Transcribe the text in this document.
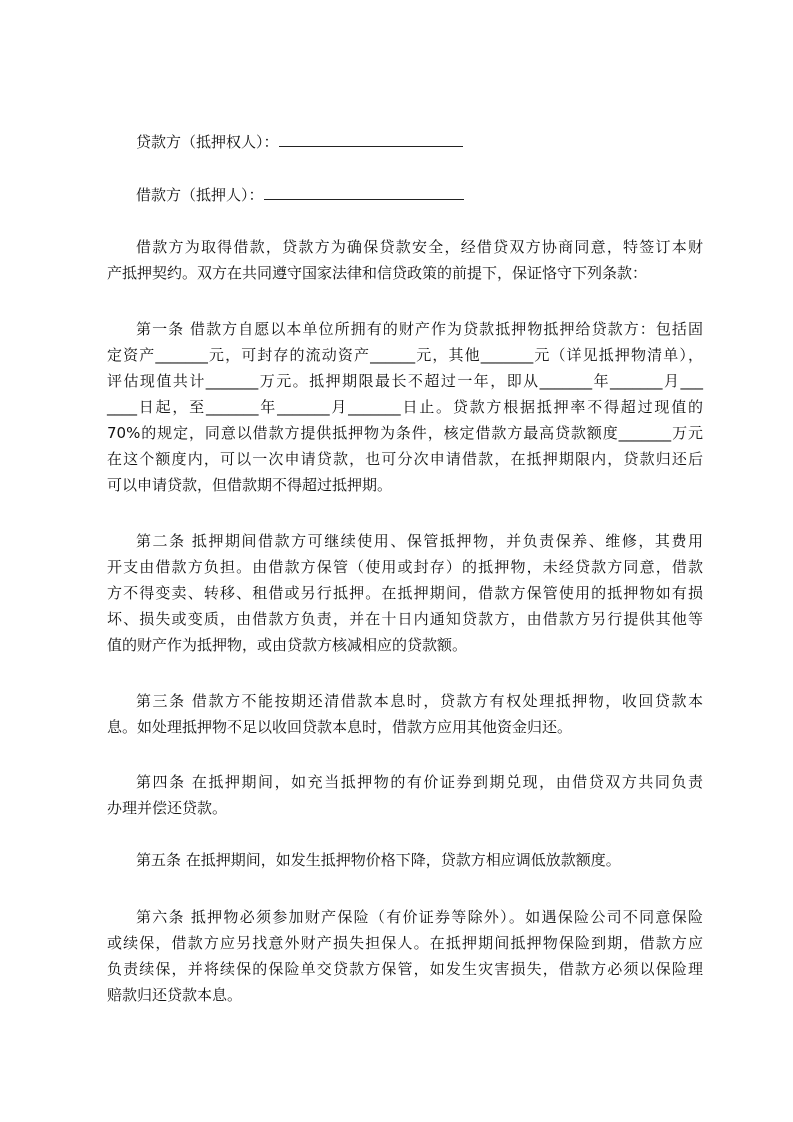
贷款方（抵押权人）：
借款方（抵押人）：
借款方为取得借款，贷款方为确保贷款安全，经借贷双方协商同意，特签订本财
产抵押契约。双方在共同遵守国家法律和信贷政策的前提下，保证恪守下列条款：
第一条 借款方自愿以本单位所拥有的财产作为贷款抵押物抵押给贷款方：包括固
定资产_______元，可封存的流动资产______元，其他_______元（详见抵押物清单），
评估现值共计_______万元。抵押期限最长不超过一年，即从_______年_______月___
____日起，至_______年_______月_______日止。贷款方根据抵押率不得超过现值的
70%的规定，同意以借款方提供抵押物为条件，核定借款方最高贷款额度_______万元
在这个额度内，可以一次申请贷款，也可分次申请借款，在抵押期限内，贷款归还后
可以申请贷款，但借款期不得超过抵押期。
第二条 抵押期间借款方可继续使用、保管抵押物，并负责保养、维修，其费用
开支由借款方负担。由借款方保管（使用或封存）的抵押物，未经贷款方同意，借款
方不得变卖、转移、租借或另行抵押。在抵押期间，借款方保管使用的抵押物如有损
坏、损失或变质，由借款方负责，并在十日内通知贷款方，由借款方另行提供其他等
值的财产作为抵押物，或由贷款方核减相应的贷款额。
第三条 借款方不能按期还清借款本息时，贷款方有权处理抵押物，收回贷款本
息。如处理抵押物不足以收回贷款本息时，借款方应用其他资金归还。
第四条 在抵押期间，如充当抵押物的有价证券到期兑现，由借贷双方共同负责
办理并偿还贷款。
第五条 在抵押期间，如发生抵押物价格下降，贷款方相应调低放款额度。
第六条 抵押物必须参加财产保险（有价证券等除外）。如遇保险公司不同意保险
或续保，借款方应另找意外财产损失担保人。在抵押期间抵押物保险到期，借款方应
负责续保，并将续保的保险单交贷款方保管，如发生灾害损失，借款方必须以保险理
赔款归还贷款本息。
